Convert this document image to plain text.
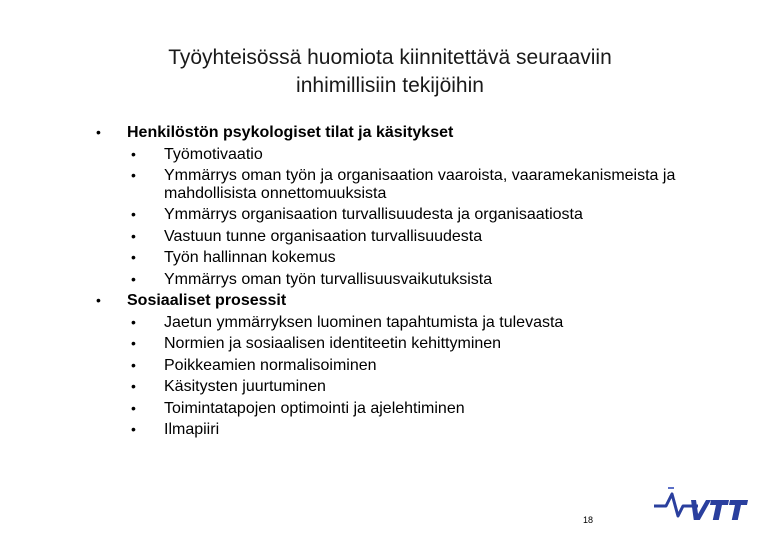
Työyhteisössä huomiota kiinnitettävä seuraaviin
inhimillisiin tekijöihin
• Henkilöstön psykologiset tilat ja käsitykset
• Työmotivaatio
• Ymmärrys oman työn ja organisaation vaaroista, vaaramekanismeista ja mahdollisista onnettomuuksista
• Ymmärrys organisaation turvallisuudesta ja organisaatiosta
• Vastuun tunne organisaation turvallisuudesta
• Työn hallinnan kokemus
• Ymmärrys oman työn turvallisuusvaikutuksista
• Sosiaaliset prosessit
• Jaetun ymmärryksen luominen tapahtumista ja tulevasta
• Normien ja sosiaalisen identiteetin kehittyminen
• Poikkeamien normalisoiminen
• Käsitysten juurtuminen
• Toimintatapojen optimointi ja ajelehtiminen
• Ilmapiiri
18
